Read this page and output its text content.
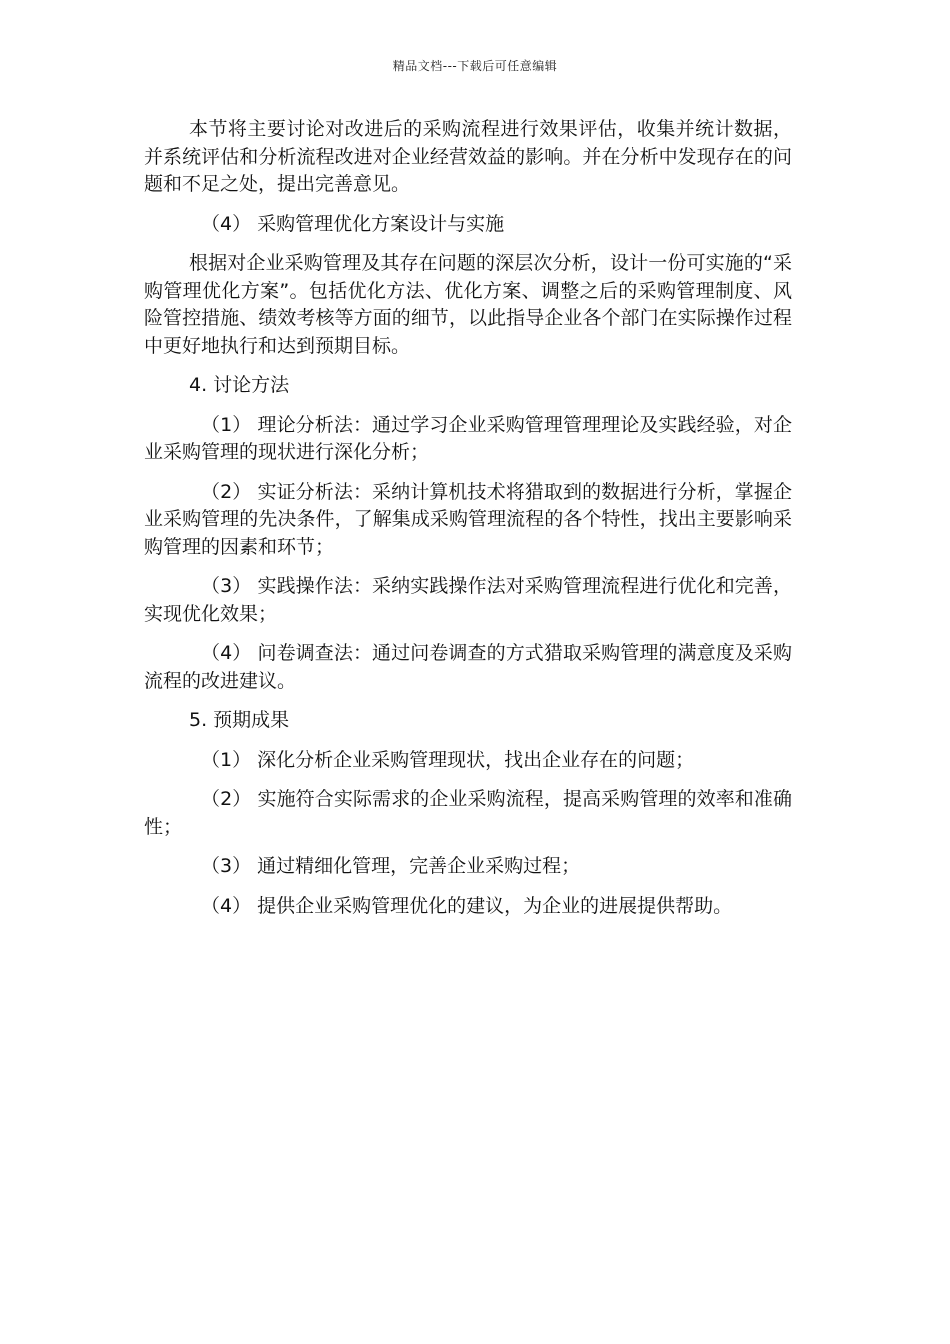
精品文档---下载后可任意编辑

本节将主要讨论对改进后的采购流程进行效果评估，收集并统计数据，并系统评估和分析流程改进对企业经营效益的影响。并在分析中发现存在的问题和不足之处，提出完善意见。

（4） 采购管理优化方案设计与实施

根据对企业采购管理及其存在问题的深层次分析，设计一份可实施的“采购管理优化方案”。包括优化方法、优化方案、调整之后的采购管理制度、风险管控措施、绩效考核等方面的细节，以此指导企业各个部门在实际操作过程中更好地执行和达到预期目标。

4. 讨论方法

（1） 理论分析法：通过学习企业采购管理管理理论及实践经验，对企业采购管理的现状进行深化分析；

（2） 实证分析法：采纳计算机技术将猎取到的数据进行分析，掌握企业采购管理的先决条件，了解集成采购管理流程的各个特性，找出主要影响采购管理的因素和环节；

（3） 实践操作法：采纳实践操作法对采购管理流程进行优化和完善，实现优化效果；

（4） 问卷调查法：通过问卷调查的方式猎取采购管理的满意度及采购流程的改进建议。

5. 预期成果

（1） 深化分析企业采购管理现状，找出企业存在的问题；

（2） 实施符合实际需求的企业采购流程，提高采购管理的效率和准确性；

（3） 通过精细化管理，完善企业采购过程；

（4） 提供企业采购管理优化的建议，为企业的进展提供帮助。
